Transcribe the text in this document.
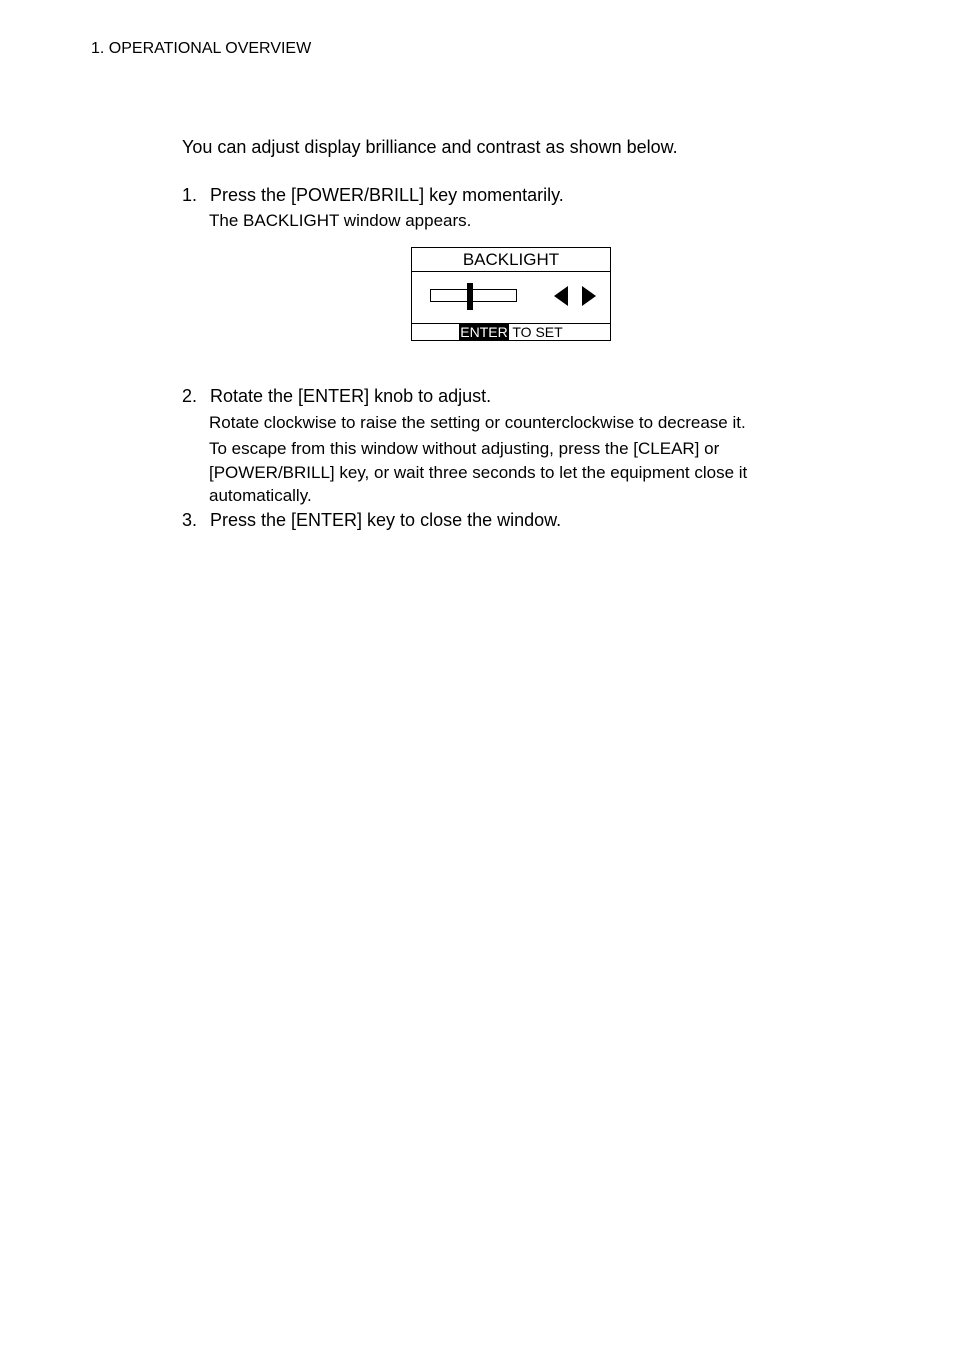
1. OPERATIONAL OVERVIEW

You can adjust display brilliance and contrast as shown below.

1. Press the [POWER/BRILL] key momentarily.
The BACKLIGHT window appears.
BACKLIGHT
ENTER TO SET
2. Rotate the [ENTER] knob to adjust.
Rotate clockwise to raise the setting or counterclockwise to decrease it.
To escape from this window without adjusting, press the [CLEAR] or [POWER/BRILL] key, or wait three seconds to let the equipment close it automatically.
3. Press the [ENTER] key to close the window.
